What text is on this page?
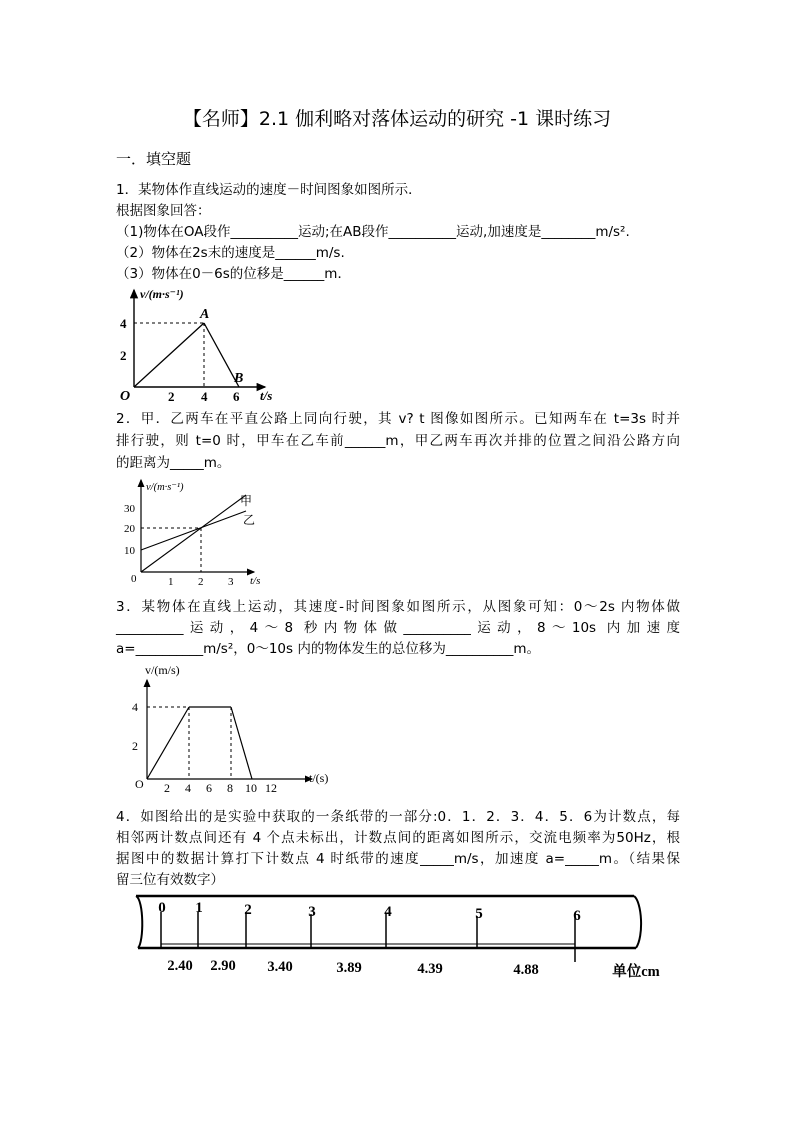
【名师】2.1 伽利略对落体运动的研究 -1 课时练习
一．填空题
1．某物体作直线运动的速度－时间图象如图所示．
根据图象回答：
（1)物体在OA段作__________运动;在AB段作__________运动,加速度是________m/s².
（2）物体在2s末的速度是______m/s.
（3）物体在0－6s的位移是______m．
v/(m·s⁻¹)
t/s
O	2 4 6
2
4
A
B
2．甲．乙两车在平直公路上同向行驶，其 v? t 图像如图所示。已知两车在 t=3s 时并
排行驶，则 t=0 时，甲车在乙车前______m，甲乙两车再次并排的位置之间沿公路方向
的距离为_____m。
v/(m·s⁻¹)
t/s
0	1 2 3
10
20
30
甲
乙
3．某物体在直线上运动，其速度-时间图象如图所示，从图象可知：0～2s 内物体做
__________运动，4～8 秒内物体做__________运动，8～10s 内加速度
a=__________m/s²，0～10s 内的物体发生的总位移为__________m。
v/(m/s)
t/(s)
O 2 4 6 8 10 12
2
4
4．如图给出的是实验中获取的一条纸带的一部分:0．1．2．3．4．5．6为计数点，每
相邻两计数点间还有 4 个点未标出，计数点间的距离如图所示，交流电频率为50Hz，根
据图中的数据计算打下计数点 4 时纸带的速度_____m/s，加速度 a=_____m。（结果保
留三位有效数字）
0 1	2	3	4	5	6
2.40 2.90 3.40	3.89	4.39	4.88	单位cm
